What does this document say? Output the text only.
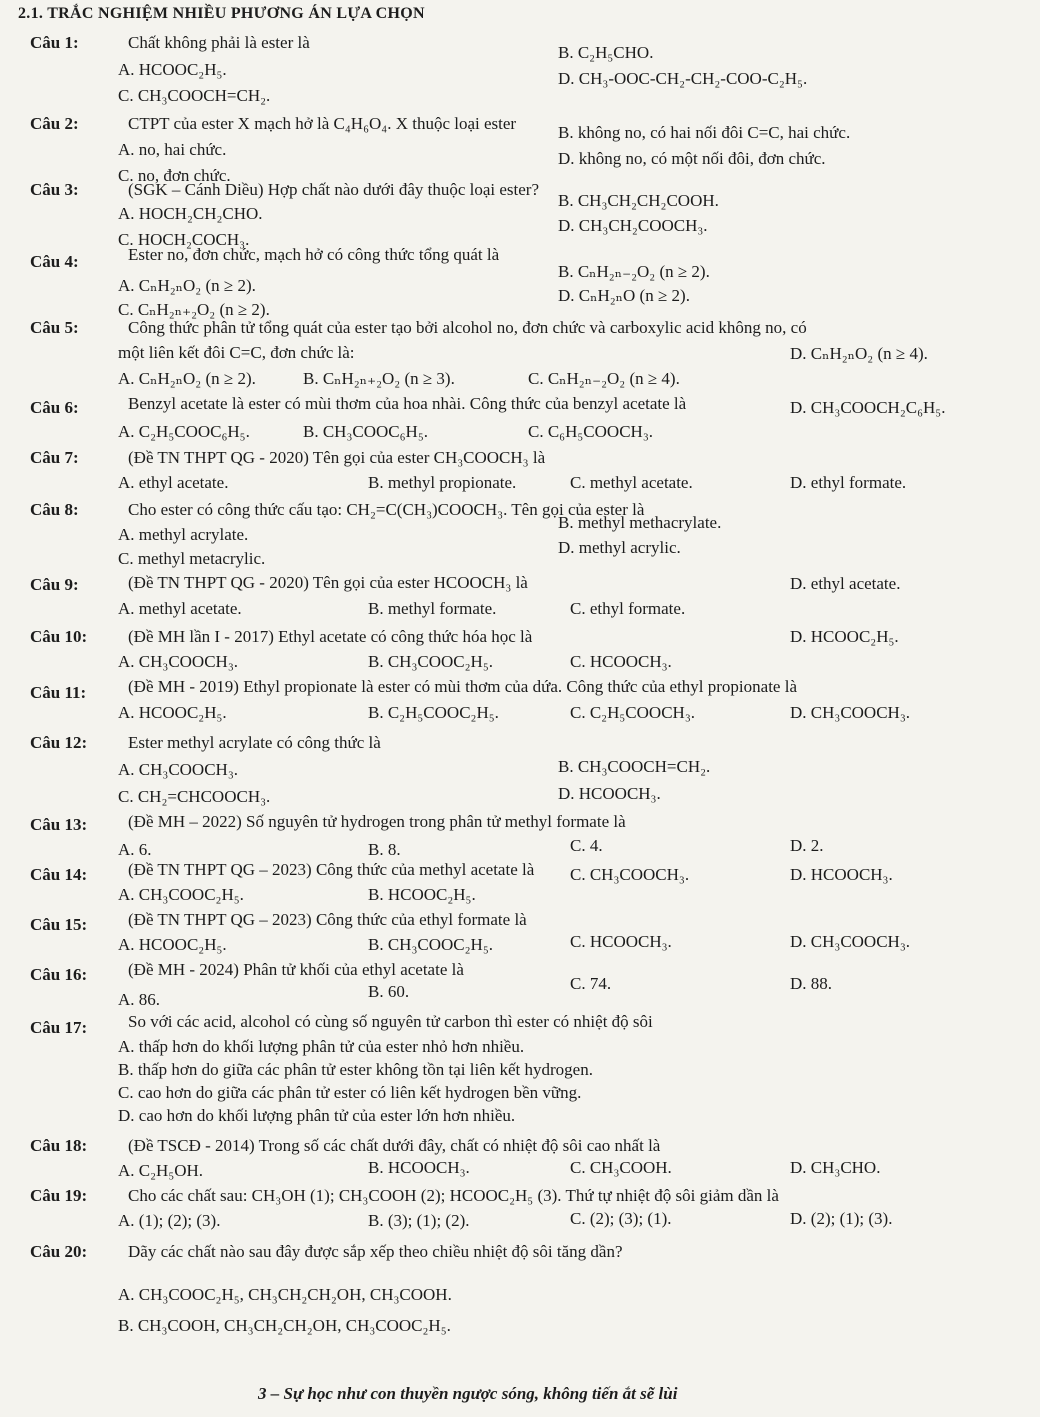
2.1. TRẮC NGHIỆM NHIỀU PHƯƠNG ÁN LỰA CHỌN
Câu 1:	Chất không phải là ester là
B. C₂H₅CHO.
A. HCOOC₂H₅.	D. CH₃-OOC-CH₂-CH₂-COO-C₂H₅.
C. CH₃COOCH=CH₂.
Câu 2:	CTPT của ester X mạch hở là C₄H₆O₄. X thuộc loại ester B. không no, có hai nối đôi C=C, hai chức.
A. no, hai chức.	D. không no, có một nối đôi, đơn chức.
C. no, đơn chức.
Câu 3:	(SGK – Cánh Diều) Hợp chất nào dưới đây thuộc loại ester?
B. CH₃CH₂CH₂COOH.
A. HOCH₂CH₂CHO.
D. CH₃CH₂COOCH₃.
C. HOCH₂COCH₃.
Câu 4:	Ester no, đơn chức, mạch hở có công thức tổng quát là
B. CₙH₂ₙ₋₂O₂ (n ≥ 2).
A. CₙH₂ₙO₂ (n ≥ 2).
D. CₙH₂ₙO (n ≥ 2).
C. CₙH₂ₙ₊₂O₂ (n ≥ 2).
Câu 5:	Công thức phân tử tổng quát của ester tạo bởi alcohol no, đơn chức và carboxylic acid không no, có
một liên kết đôi C=C, đơn chức là:
A. CₙH₂ₙO₂ (n ≥ 2).	B. CₙH₂ₙ₊₂O₂ (n ≥ 3).	C. CₙH₂ₙ₋₂O₂ (n ≥ 4).
D. CₙH₂ₙO₂ (n ≥ 4).
Câu 6:	Benzyl acetate là ester có mùi thơm của hoa nhài. Công thức của benzyl acetate là
A. C₂H₅COOC₆H₅.	B. CH₃COOC₆H₅.	C. C₆H₅COOCH₃.
D. CH₃COOCH₂C₆H₅.
Câu 7:	(Đề TN THPT QG - 2020) Tên gọi của ester CH₃COOCH₃ là
A. ethyl acetate.	B. methyl propionate.	C. methyl acetate.	D. ethyl formate.
Câu 8:	Cho ester có công thức cấu tạo: CH₂=C(CH₃)COOCH₃. Tên gọi của ester là
A. methyl acrylate.
B. methyl methacrylate.
C. methyl metacrylic.
D. methyl acrylic.
Câu 9:	(Đề TN THPT QG - 2020) Tên gọi của ester HCOOCH₃ là
A. methyl acetate.	B. methyl formate.	C. ethyl formate.
D. ethyl acetate.
Câu 10: (Đề MH lần I - 2017) Ethyl acetate có công thức hóa học là
A. CH₃COOCH₃.	B. CH₃COOC₂H₅.	C. HCOOCH₃.
D. HCOOC₂H₅.
Câu 11: (Đề MH - 2019) Ethyl propionate là ester có mùi thơm của dứa. Công thức của ethyl propionate là
A. HCOOC₂H₅.	B. C₂H₅COOC₂H₅.	C. C₂H₅COOCH₃.	D. CH₃COOCH₃.
Câu 12: Ester methyl acrylate có công thức là
B. CH₃COOCH=CH₂.
A. CH₃COOCH₃.
D. HCOOCH₃.
C. CH₂=CHCOOCH₃.
Câu 13: (Đề MH – 2022) Số nguyên tử hydrogen trong phân tử methyl formate là
A. 6.	B. 8.	C. 4.	D. 2.
Câu 14: (Đề TN THPT QG – 2023) Công thức của methyl acetate là
A. CH₃COOC₂H₅.	B. HCOOC₂H₅.
C. CH₃COOCH₃.	D. HCOOCH₃.
Câu 15: (Đề TN THPT QG – 2023) Công thức của ethyl formate là
A. HCOOC₂H₅.	B. CH₃COOC₂H₅.	C. HCOOCH₃.	D. CH₃COOCH₃.
Câu 16: (Đề MH - 2024) Phân tử khối của ethyl acetate là
A. 86.	B. 60.	C. 74.	D. 88.
Câu 17: So với các acid, alcohol có cùng số nguyên tử carbon thì ester có nhiệt độ sôi
A. thấp hơn do khối lượng phân tử của ester nhỏ hơn nhiều.
B. thấp hơn do giữa các phân tử ester không tồn tại liên kết hydrogen.
C. cao hơn do giữa các phân tử ester có liên kết hydrogen bền vững.
D. cao hơn do khối lượng phân tử của ester lớn hơn nhiều.
Câu 18: (Đề TSCĐ - 2014) Trong số các chất dưới đây, chất có nhiệt độ sôi cao nhất là
A. C₂H₅OH.	B. HCOOCH₃.	C. CH₃COOH.	D. CH₃CHO.
Câu 19: Cho các chất sau: CH₃OH (1); CH₃COOH (2); HCOOC₂H₅ (3). Thứ tự nhiệt độ sôi giảm dần là
A. (1); (2); (3).	B. (3); (1); (2).	C. (2); (3); (1).	D. (2); (1); (3).
Câu 20: Dãy các chất nào sau đây được sắp xếp theo chiều nhiệt độ sôi tăng dần?
A. CH₃COOC₂H₅, CH₃CH₂CH₂OH, CH₃COOH.
B. CH₃COOH, CH₃CH₂CH₂OH, CH₃COOC₂H₅.
3 – Sự học như con thuyền ngược sóng, không tiến ắt sẽ lùi
